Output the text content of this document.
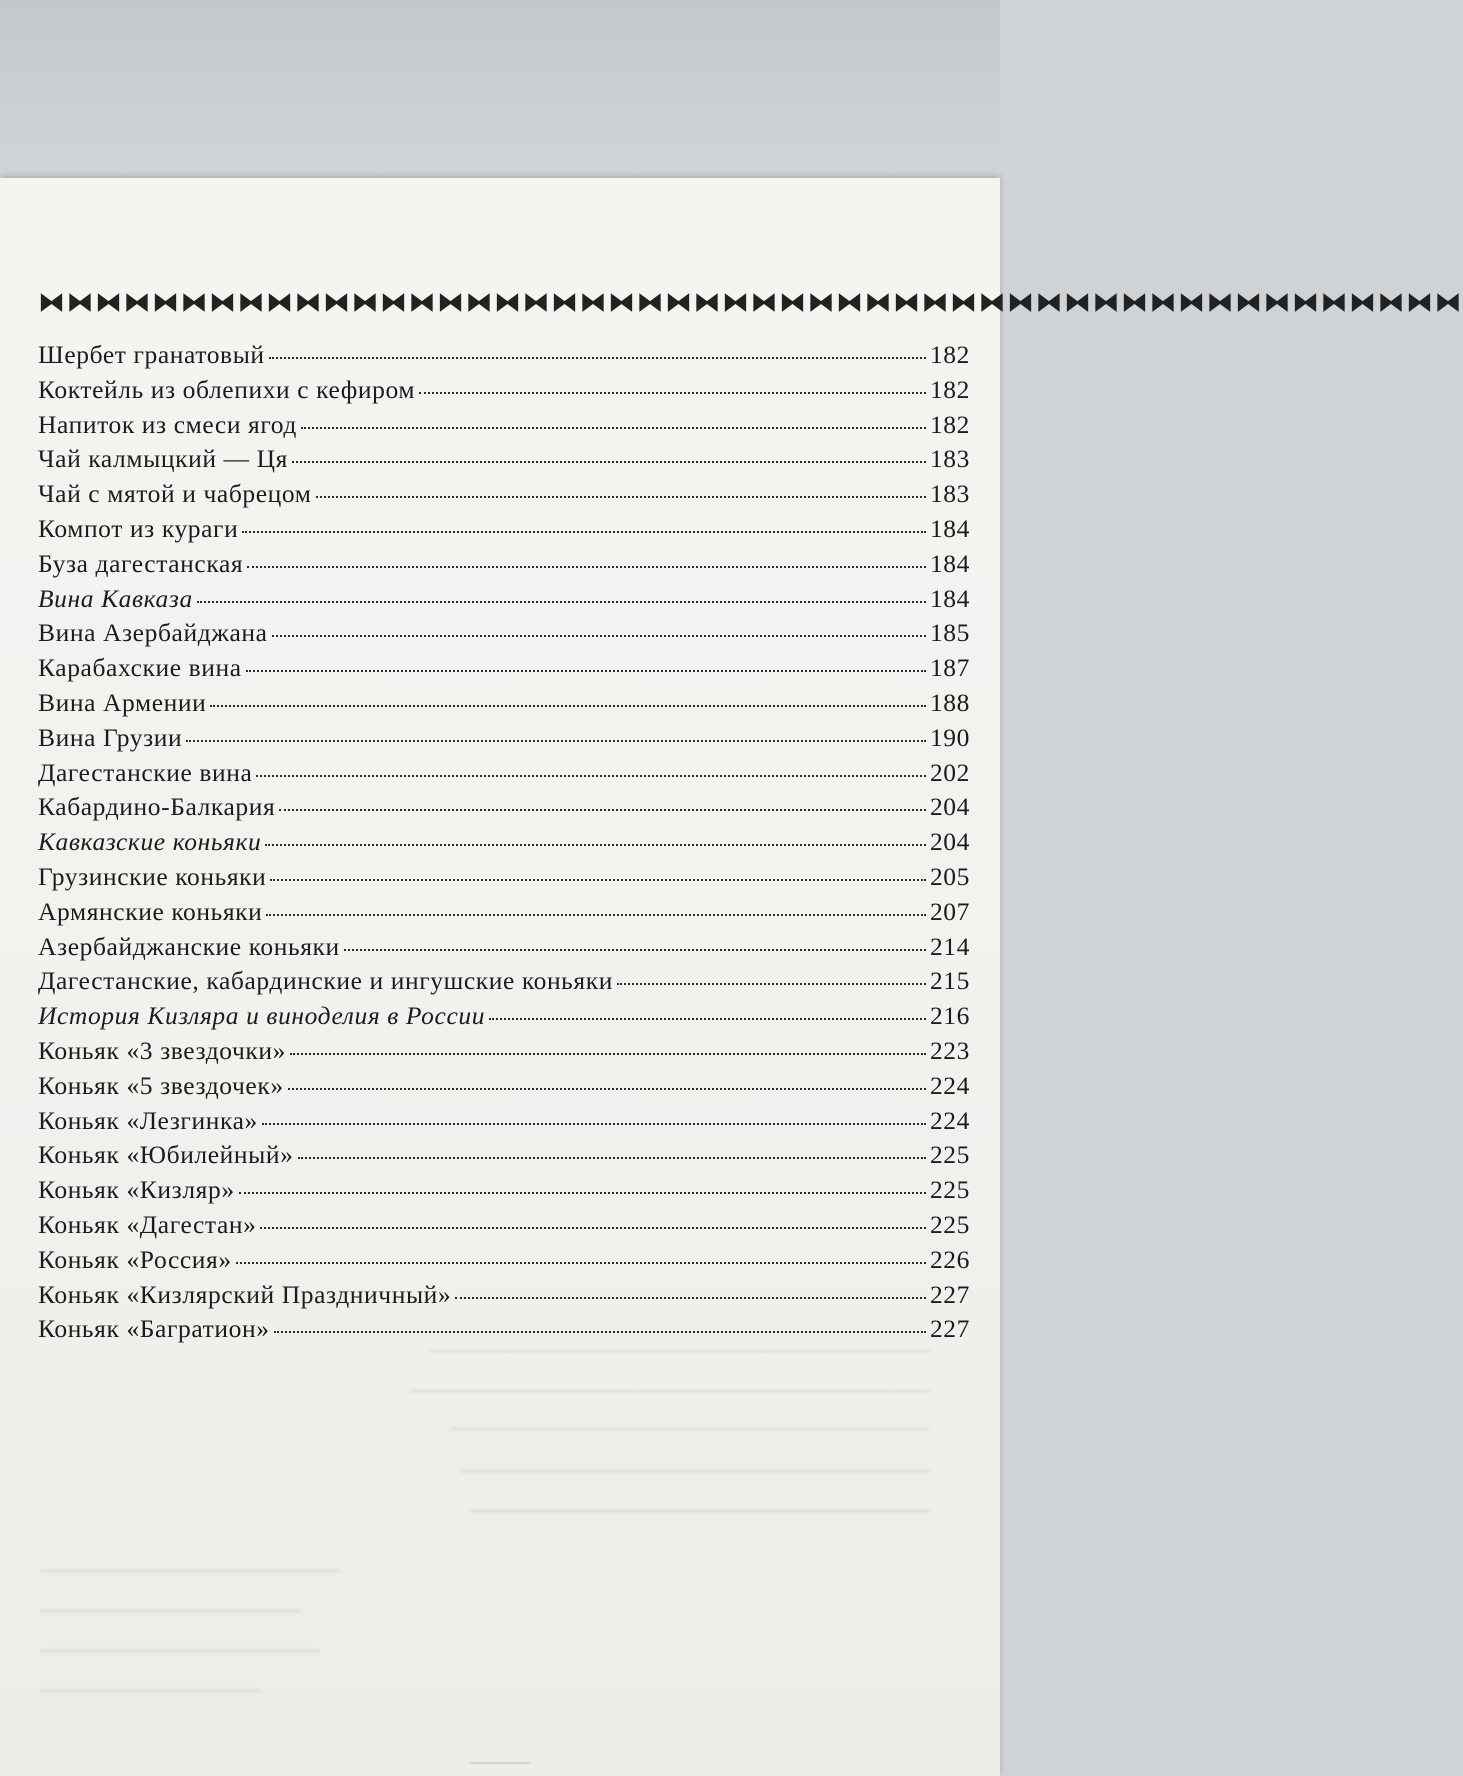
⧓⧓⧓⧓⧓⧓⧓⧓⧓⧓⧓⧓⧓⧓⧓⧓⧓⧓⧓⧓⧓⧓⧓⧓⧓⧓⧓⧓⧓⧓⧓⧓⧓⧓⧓⧓⧓⧓⧓⧓⧓⧓⧓⧓⧓⧓⧓⧓⧓⧓
Шербет гранатовый	182
Коктейль из облепихи с кефиром	182
Напиток из смеси ягод	182
Чай калмыцкий — Ця	183
Чай с мятой и чабрецом	183
Компот из кураги	184
Буза дагестанская	184
Вина Кавказа	184
Вина Азербайджана	185
Карабахские вина	187
Вина Армении	188
Вина Грузии	190
Дагестанские вина	202
Кабардино-Балкария	204
Кавказские коньяки	204
Грузинские коньяки	205
Армянские коньяки	207
Азербайджанские коньяки	214
Дагестанские, кабардинские и ингушские коньяки	215
История Кизляра и виноделия в России	216
Коньяк «3 звездочки»	223
Коньяк «5 звездочек»	224
Коньяк «Лезгинка»	224
Коньяк «Юбилейный»	225
Коньяк «Кизляр»	225
Коньяк «Дагестан»	225
Коньяк «Россия»	226
Коньяк «Кизлярский Праздничный»	227
Коньяк «Багратион»	227
